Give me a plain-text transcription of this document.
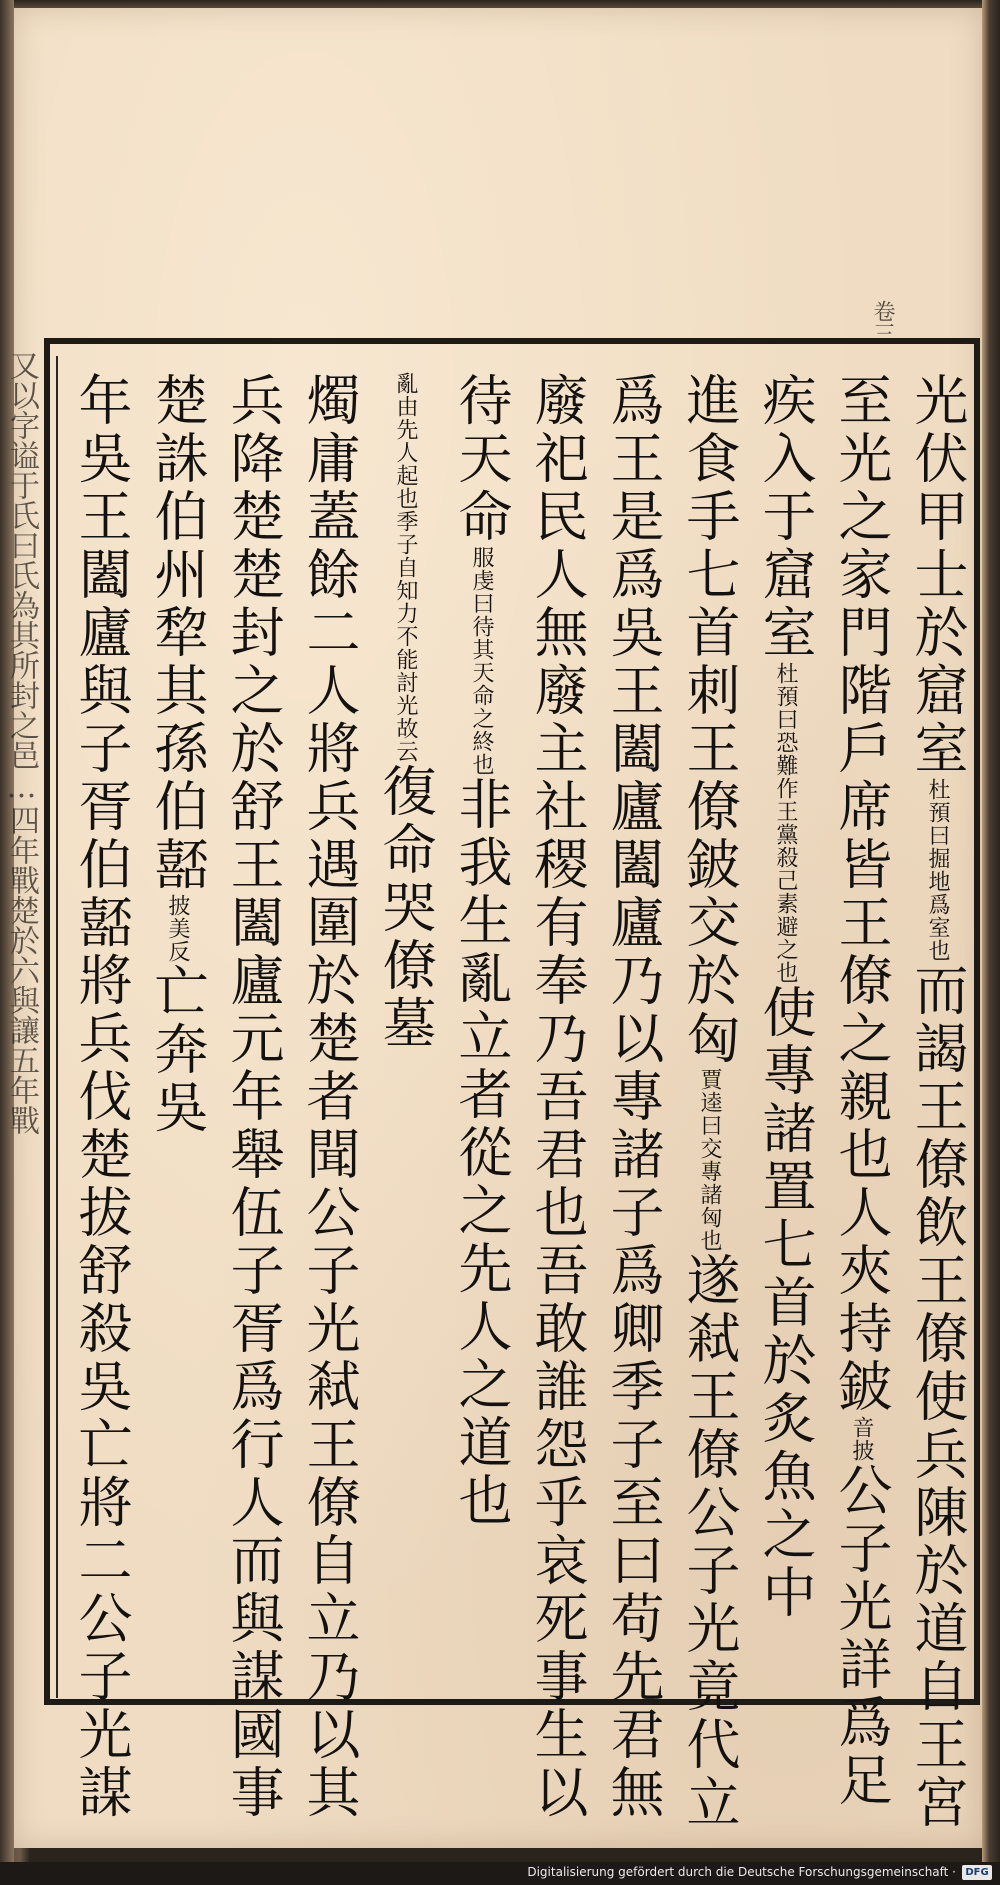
又以字谥于氏曰氏為其所封之邑…四年戰楚於六與讓五年戰
卷三
光伏甲士於窟室杜預曰掘地爲室也而謁王僚飲王僚使兵陳於道自王宮
至光之家門階戶席皆王僚之親也人夾持鈹音披公子光詳爲足
疾入于窟室杜預曰恐難作王黨殺己素避之也使專諸置七首於炙魚之中
進食手七首刺王僚鈹交於匈賈逵曰交專諸匈也遂弒王僚公子光竟代立
爲王是爲吳王闔廬闔廬乃以專諸子爲卿季子至曰苟先君無
廢祀民人無廢主社稷有奉乃吾君也吾敢誰怨乎哀死事生以
待天命服虔曰待其天命之終也非我生亂立者從之先人之道也
亂由先人起也季子自知力不能討光故云復命哭僚墓
燭庸蓋餘二人將兵遇圍於楚者聞公子光弒王僚自立乃以其
兵降楚楚封之於舒王闔廬元年舉伍子胥爲行人而與謀國事
楚誅伯州犂其孫伯嚭披美反亡奔吳
年吳王闔廬與子胥伯嚭將兵伐楚拔舒殺吳亡將二公子光謀
Digitalisierung gefördert durch die Deutsche Forschungsgemeinschaft · DFG
